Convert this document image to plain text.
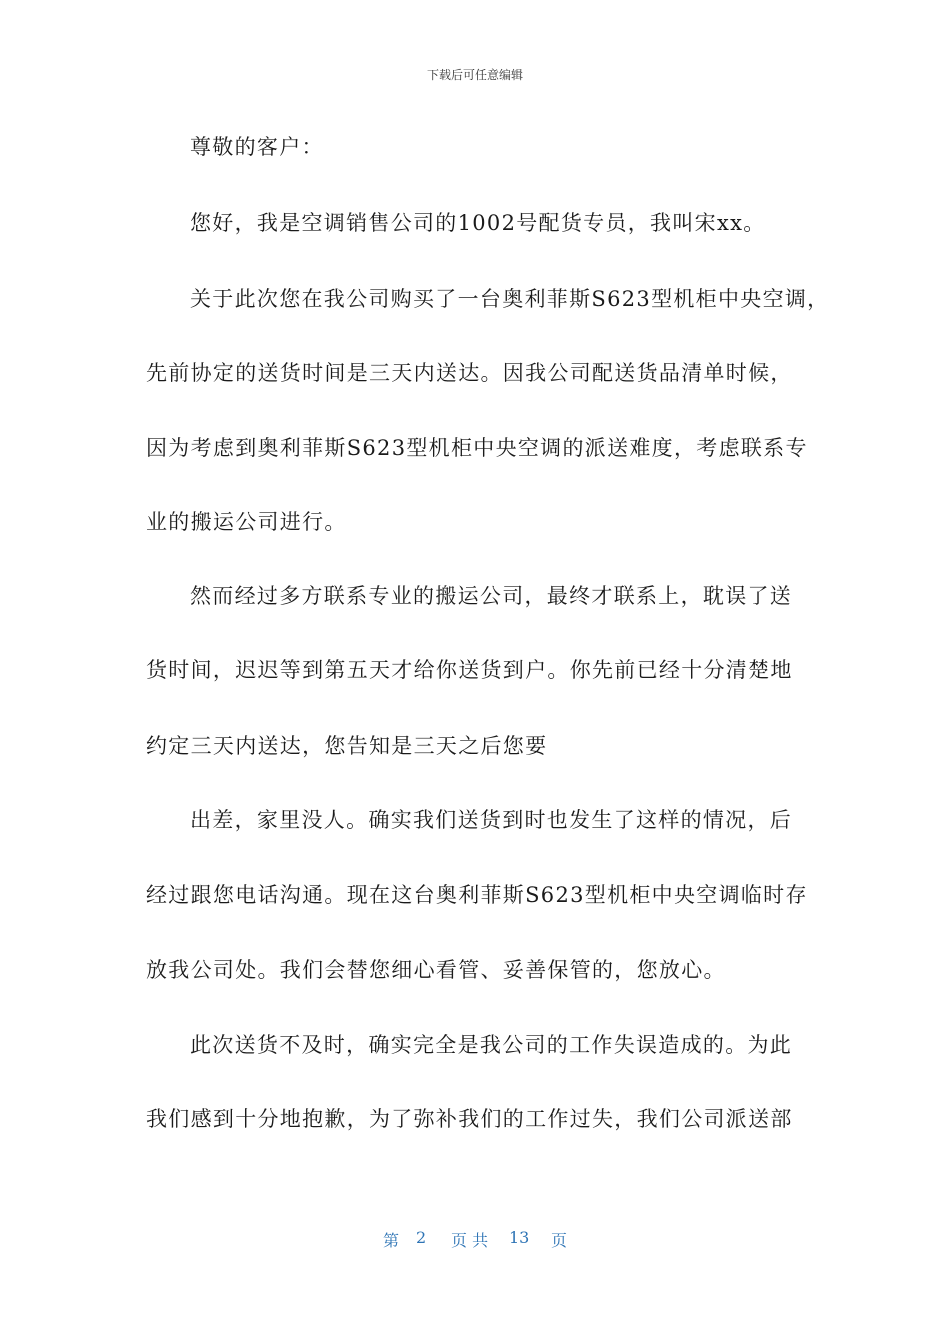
下载后可任意编辑
尊敬的客户：
您好，我是空调销售公司的1002号配货专员，我叫宋xx。
关于此次您在我公司购买了一台奥利菲斯S623型机柜中央空调，
先前协定的送货时间是三天内送达。因我公司配送货品清单时候，
因为考虑到奥利菲斯S623型机柜中央空调的派送难度，考虑联系专
业的搬运公司进行。
然而经过多方联系专业的搬运公司，最终才联系上，耽误了送
货时间，迟迟等到第五天才给你送货到户。你先前已经十分清楚地
约定三天内送达，您告知是三天之后您要
出差，家里没人。确实我们送货到时也发生了这样的情况，后
经过跟您电话沟通。现在这台奥利菲斯S623型机柜中央空调临时存
放我公司处。我们会替您细心看管、妥善保管的，您放心。
此次送货不及时，确实完全是我公司的工作失误造成的。为此
我们感到十分地抱歉，为了弥补我们的工作过失，我们公司派送部
第 2 页 共 13 页
